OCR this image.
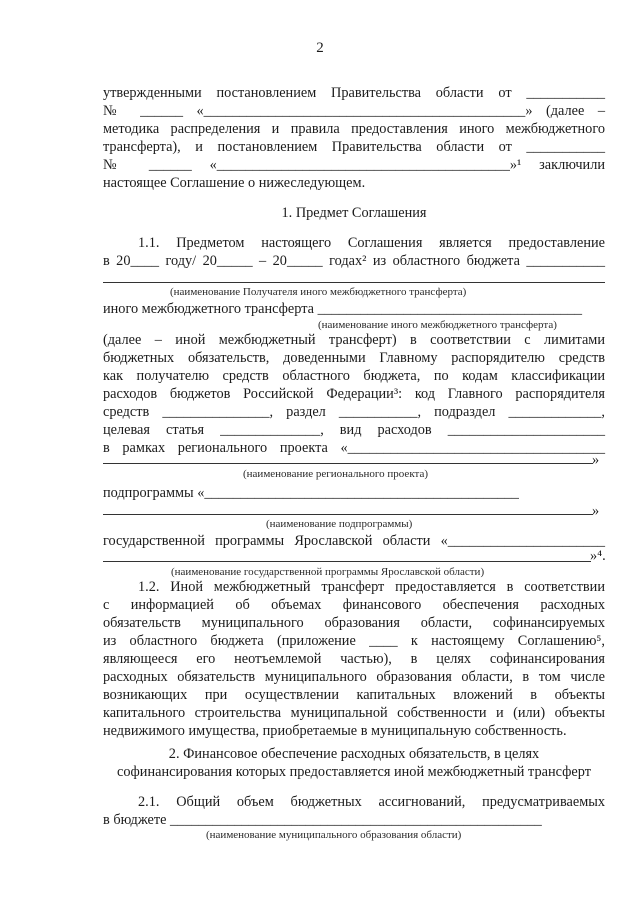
2
утвержденными постановлением Правительства области от ___________
№ ______ «_____________________________________________» (далее –
методика распределения и правила предоставления иного межбюджетного
трансферта), и постановлением Правительства области от ___________
№ ______ «_________________________________________»¹ заключили
настоящее Соглашение о нижеследующем.
1. Предмет Соглашения
1.1. Предметом настоящего Соглашения является предоставление
в 20____ году/ 20_____ – 20_____ годах² из областного бюджета ___________
(наименование Получателя иного межбюджетного трансферта)
иного межбюджетного трансферта _____________________________________
(наименование иного межбюджетного трансферта)
(далее – иной межбюджетный трансферт) в соответствии с лимитами
бюджетных обязательств, доведенными Главному распорядителю средств
как получателю средств областного бюджета, по кодам классификации
расходов бюджетов Российской Федерации³: код Главного распорядителя
средств _______________, раздел ___________, подраздел _____________,
целевая статья ______________, вид расходов ______________________
в рамках регионального проекта «____________________________________
»
(наименование регионального проекта)
подпрограммы «____________________________________________
»
(наименование подпрограммы)
государственной программы Ярославской области «______________________
»⁴.
(наименование государственной программы Ярославской области)
1.2. Иной межбюджетный трансферт предоставляется в соответствии
с информацией об объемах финансового обеспечения расходных
обязательств муниципального образования области, софинансируемых
из областного бюджета (приложение ____ к настоящему Соглашению⁵,
являющееся его неотъемлемой частью), в целях софинансирования
расходных обязательств муниципального образования области, в том числе
возникающих при осуществлении капитальных вложений в объекты
капитального строительства муниципальной собственности и (или) объекты
недвижимого имущества, приобретаемые в муниципальную собственность.
2. Финансовое обеспечение расходных обязательств, в целях
софинансирования которых предоставляется иной межбюджетный трансферт
2.1. Общий объем бюджетных ассигнований, предусматриваемых
в бюджете ____________________________________________________
(наименование муниципального образования области)
